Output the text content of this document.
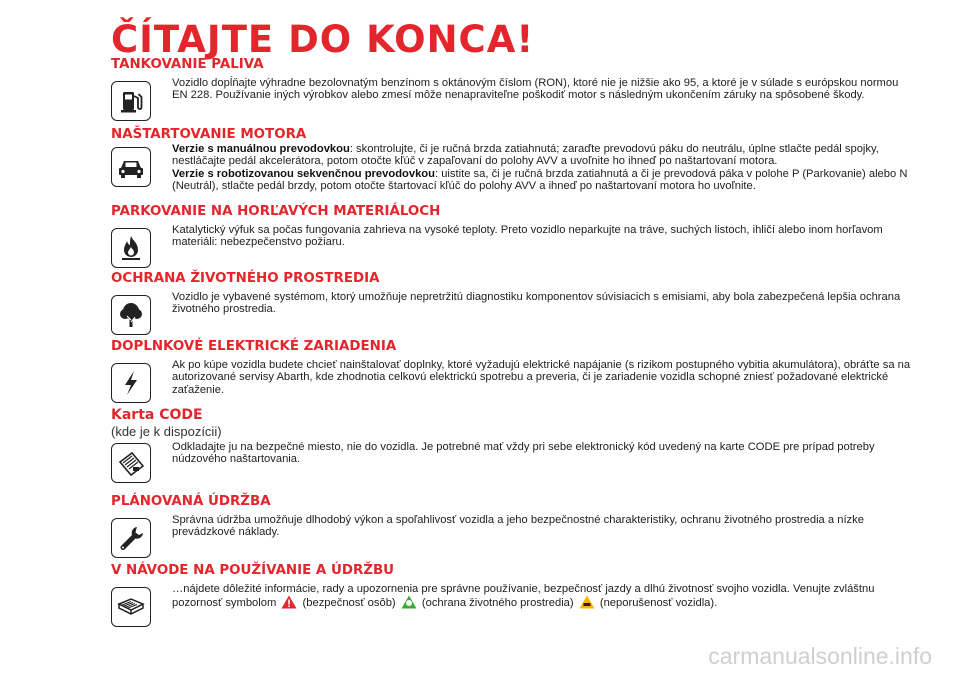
ČÍTAJTE DO KONCA!
TANKOVANIE PALIVA

Vozidlo dopĺňajte výhradne bezolovnatým benzínom s oktánovým číslom (RON), ktoré nie je nižšie ako 95, a ktoré je v súlade s európskou normou EN 228. Používanie iných výrobkov alebo zmesí môže nenapraviteľne poškodiť motor s následným ukončením záruky na spôsobené škody.

NAŠTARTOVANIE MOTORA

Verzie s manuálnou prevodovkou: skontrolujte, či je ručná brzda zatiahnutá; zaraďte prevodovú páku do neutrálu, úplne stlačte pedál spojky, nestláčajte pedál akcelerátora, potom otočte kľúč v zapaľovaní do polohy AVV a uvoľnite ho ihneď po naštartovaní motora.
Verzie s robotizovanou sekvenčnou prevodovkou: uistite sa, či je ručná brzda zatiahnutá a či je prevodová páka v polohe P (Parkovanie) alebo N (Neutrál), stlačte pedál brzdy, potom otočte štartovací kľúč do polohy AVV a ihneď po naštartovaní motora ho uvoľnite.

PARKOVANIE NA HORĽAVÝCH MATERIÁLOCH

Katalytický výfuk sa počas fungovania zahrieva na vysoké teploty. Preto vozidlo neparkujte na tráve, suchých listoch, ihličí alebo inom horľavom materiáli: nebezpečenstvo požiaru.

OCHRANA ŽIVOTNÉHO PROSTREDIA

Vozidlo je vybavené systémom, ktorý umožňuje nepretržitú diagnostiku komponentov súvisiacich s emisiami, aby bola zabezpečená lepšia ochrana životného prostredia.

DOPLNKOVÉ ELEKTRICKÉ ZARIADENIA

Ak po kúpe vozidla budete chcieť nainštalovať doplnky, ktoré vyžadujú elektrické napájanie (s rizikom postupného vybitia akumulátora), obráťte sa na autorizované servisy Abarth, kde zhodnotia celkovú elektrickú spotrebu a preveria, či je zariadenie vozidla schopné zniesť požadované elektrické zaťaženie.

Karta CODE
(kde je k dispozícii)

Odkladajte ju na bezpečné miesto, nie do vozidla. Je potrebné mať vždy pri sebe elektronický kód uvedený na karte CODE pre prípad potreby núdzového naštartovania.

PLÁNOVANÁ ÚDRŽBA

Správna údržba umožňuje dlhodobý výkon a spoľahlivosť vozidla a jeho bezpečnostné charakteristiky, ochranu životného prostredia a nízke prevádzkové náklady.

V NÁVODE NA POUŽÍVANIE A ÚDRŽBU

…nájdete dôležité informácie, rady a upozornenia pre správne používanie, bezpečnosť jazdy a dlhú životnosť svojho vozidla. Venujte zvláštnu pozornosť symbolom (bezpečnosť osôb) (ochrana životného prostredia) (neporušenosť vozidla).

carmanualsonline.info
